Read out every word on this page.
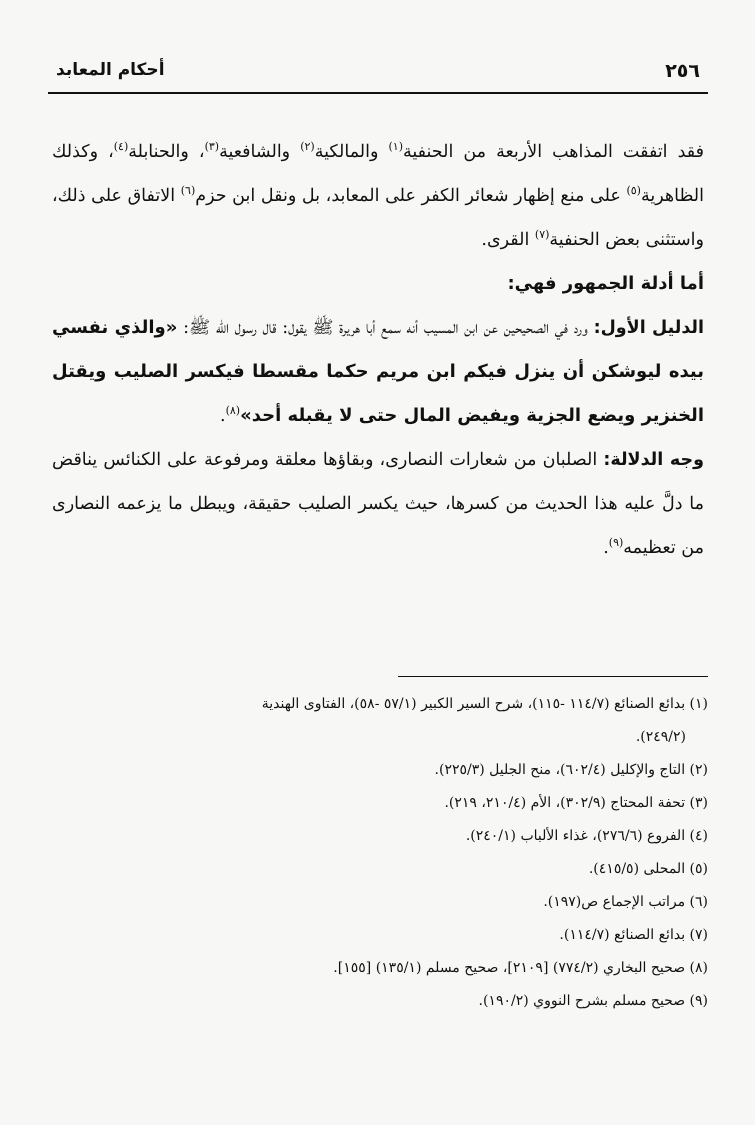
أحكام المعابد	٢٥٦

فقد اتفقت المذاهب الأربعة من الحنفية$^{(١)}$ والمالكية$^{(٢)}$ والشافعية$^{(٣)}$، والحنابلة$^{(٤)}$، وكذلك الظاهرية$^{(٥)}$ على منع إظهار شعائر الكفر على المعابد، بل ونقل ابن حزم$^{(٦)}$ الاتفاق على ذلك، واستثنى بعض الحنفية$^{(٧)}$ القرى.

أما أدلة الجمهور فهي:

الدليل الأول: ورد في الصحيحين عن ابن المسيب أنه سمع أبا هريرة ﷺ يقول: قال رسول الله ﷺ: «والذي نفسي بيده ليوشكن أن ينزل فيكم ابن مريم حكما مقسطا فيكسر الصليب ويقتل الخنزير ويضع الجزية ويفيض المال حتى لا يقبله أحد»$^{(٨)}$.

وجه الدلالة: الصلبان من شعارات النصارى، وبقاؤها معلقة ومرفوعة على الكنائس يناقض ما دلَّ عليه هذا الحديث من كسرها، حيث يكسر الصليب حقيقة، ويبطل ما يزعمه النصارى من تعظيمه$^{(٩)}$.

(١) بدائع الصنائع (١١٤/٧ -١١٥)، شرح السير الكبير (٥٧/١ -٥٨)، الفتاوى الهندية

(٢٤٩/٢).

(٢) التاج والإكليل (٦٠٢/٤)، منح الجليل (٢٢٥/٣).

(٣) تحفة المحتاج (٣٠٢/٩)، الأم (٢١٠/٤، ٢١٩).

(٤) الفروع (٢٧٦/٦)، غذاء الألباب (٢٤٠/١).

(٥) المحلى (٤١٥/٥).

(٦) مراتب الإجماع ص(١٩٧).

(٧) بدائع الصنائع (١١٤/٧).

(٨) صحيح البخاري (٧٧٤/٢) [٢١٠٩]، صحيح مسلم (١٣٥/١) [١٥٥].

(٩) صحيح مسلم بشرح النووي (١٩٠/٢).
